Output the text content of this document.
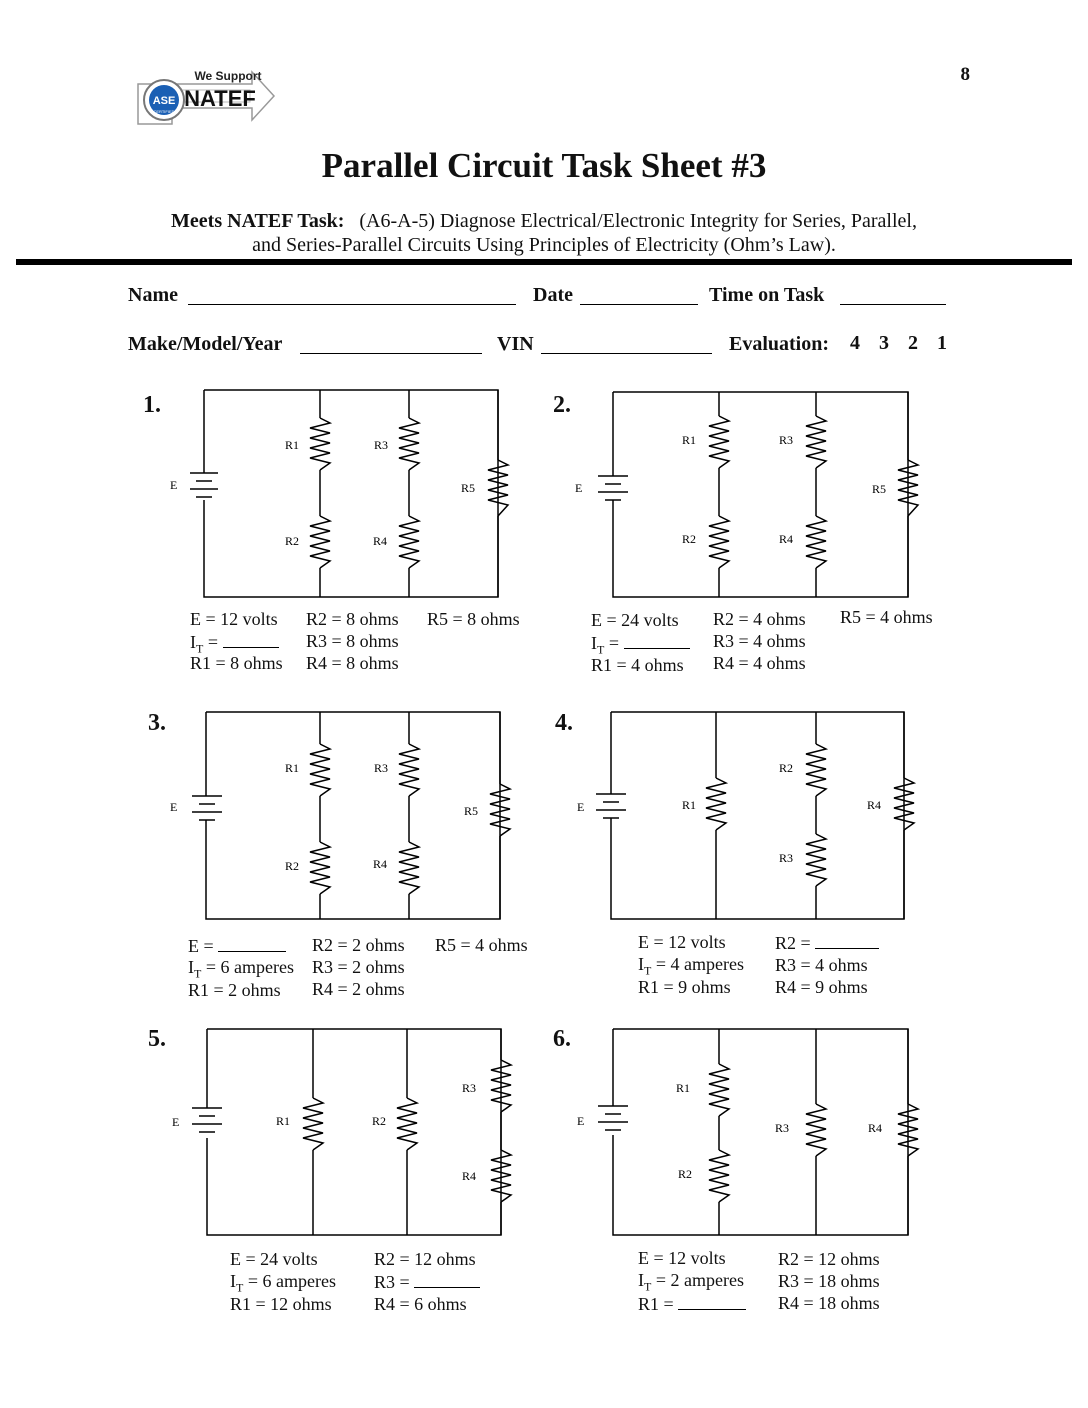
ASE
CERTIFIED
We Support
NATEF
8
Parallel Circuit Task Sheet #3
Meets NATEF Task: (A6-A-5) Diagnose Electrical/Electronic Integrity for Series, Parallel,
and Series-Parallel Circuits Using Principles of Electricity (Ohm’s Law).
Name	Date	Time on Task
Make/Model/Year	VIN	Evaluation: 4 3 2 1
1.
E
R1
R2
R3
R4
R5
E = 12 volts
$I_T$ =
R1 = 8 ohms
R2 = 8 ohms
R3 = 8 ohms
R4 = 8 ohms
R5 = 8 ohms
2.
E
R1
R2
R3
R4
R5
E = 24 volts
$I_T$ =
R1 = 4 ohms
R2 = 4 ohms
R3 = 4 ohms
R4 = 4 ohms
R5 = 4 ohms
3.
E
R1
R2
R3
R4
R5
E =
$I_T = 6$ amperes
R1 = 2 ohms
R2 = 2 ohms
R3 = 2 ohms
R4 = 2 ohms
R5 = 4 ohms
4.
E	R1
R2
R3
R4
E = 12 volts
$I_T = 4$ amperes
R1 = 9 ohms
R2 =
R3 = 4 ohms
R4 = 9 ohms
5.
E	R1	R2
R3
R4
E = 24 volts
$I_T = 6$ amperes
R1 = 12 ohms
R2 = 12 ohms
R3 =
R4 = 6 ohms
6.
E
R1
R2
R3	R4
E = 12 volts
$I_T = 2$ amperes
R1 =
R2 = 12 ohms
R3 = 18 ohms
R4 = 18 ohms
